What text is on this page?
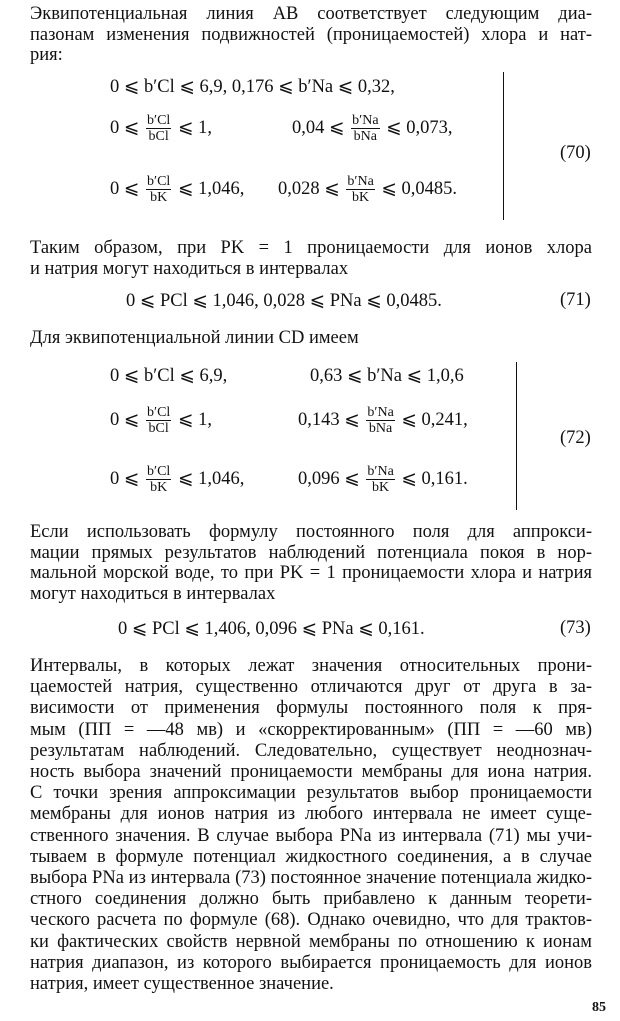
Эквипотенциальная линия AB соответствует следующим диа-
пазонам изменения подвижностей (проницаемостей) хлора и нат-
рия:
0 ⩽ b′Cl ⩽ 6,9, 0,176 ⩽ b′Na ⩽ 0,32,
0 ⩽ $\frac{b'Cl}{\text{bCl}}$ ⩽ 1,	0,04 ⩽ $\frac{b'Na}{\text{bNa}}$ ⩽ 0,073,
0 ⩽ $\frac{b'Cl}{bK}$ ⩽ 1,046, 0,028 ⩽ $\frac{b'Na}{bK}$ ⩽ 0,0485.
(70)
Таким образом, при PK = 1 проницаемости для ионов хлора
и натрия могут находиться в интервалах
0 ⩽ PCl ⩽ 1,046, 0,028 ⩽ PNa ⩽ 0,0485.	(71)
Для эквипотенциальной линии CD имеем
0 ⩽ b′Cl ⩽ 6,9,	0,63 ⩽ b′Na ⩽ 1,0,6
0 ⩽ $\frac{b'Cl}{\text{bCl}}$ ⩽ 1,	0,143 ⩽ $\frac{b'Na}{\text{bNa}}$ ⩽ 0,241,
0 ⩽ $\frac{b'Cl}{bK}$ ⩽ 1,046,	0,096 ⩽ $\frac{b'Na}{bK}$ ⩽ 0,161.
(72)
Если использовать формулу постоянного поля для аппрокси-
мации прямых результатов наблюдений потенциала покоя в нор-
мальной морской воде, то при PK = 1 проницаемости хлора и натрия
могут находиться в интервалах
0 ⩽ PCl ⩽ 1,406, 0,096 ⩽ PNa ⩽ 0,161.	(73)
Интервалы, в которых лежат значения относительных прони-
цаемостей натрия, существенно отличаются друг от друга в за-
висимости от применения формулы постоянного поля к пря-
мым (ПП = —48 мв) и «скорректированным» (ПП = —60 мв)
результатам наблюдений. Следовательно, существует неоднознач-
ность выбора значений проницаемости мембраны для иона натрия.
С точки зрения аппроксимации результатов выбор проницаемости
мембраны для ионов натрия из любого интервала не имеет суще-
ственного значения. В случае выбора PNa из интервала (71) мы учи-
тываем в формуле потенциал жидкостного соединения, а в случае
выбора PNa из интервала (73) постоянное значение потенциала жидко-
стного соединения должно быть прибавлено к данным теорети-
ческого расчета по формуле (68). Однако очевидно, что для трактов-
ки фактических свойств нервной мембраны по отношению к ионам
натрия диапазон, из которого выбирается проницаемость для ионов
натрия, имеет существенное значение.
85
